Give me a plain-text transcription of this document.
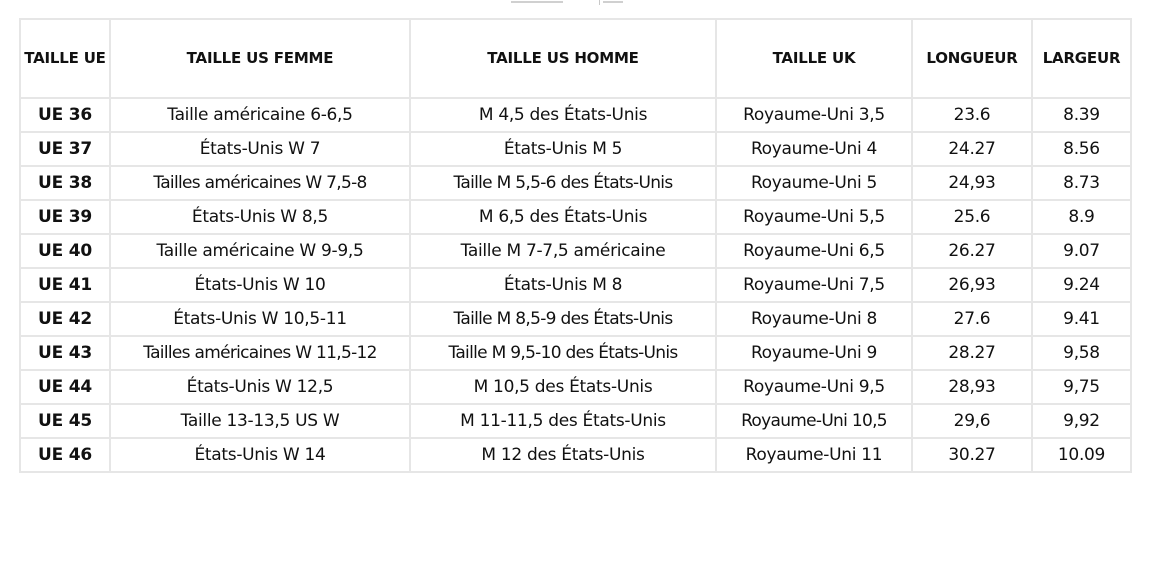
TAILLE UE	TAILLE US FEMME	TAILLE US HOMME	TAILLE UK	LONGUEUR	LARGEUR
UE 36	Taille américaine 6-6,5	M 4,5 des États-Unis	Royaume-Uni 3,5	23.6	8.39
UE 37	États-Unis W 7	États-Unis M 5	Royaume-Uni 4	24.27	8.56
UE 38	Tailles américaines W 7,5-8	Taille M 5,5-6 des États-Unis	Royaume-Uni 5	24,93	8.73
UE 39	États-Unis W 8,5	M 6,5 des États-Unis	Royaume-Uni 5,5	25.6	8.9
UE 40	Taille américaine W 9-9,5	Taille M 7-7,5 américaine	Royaume-Uni 6,5	26.27	9.07
UE 41	États-Unis W 10	États-Unis M 8	Royaume-Uni 7,5	26,93	9.24
UE 42	États-Unis W 10,5-11	Taille M 8,5-9 des États-Unis	Royaume-Uni 8	27.6	9.41
UE 43	Tailles américaines W 11,5-12	Taille M 9,5-10 des États-Unis	Royaume-Uni 9	28.27	9,58
UE 44	États-Unis W 12,5	M 10,5 des États-Unis	Royaume-Uni 9,5	28,93	9,75
UE 45	Taille 13-13,5 US W	M 11-11,5 des États-Unis	Royaume-Uni 10,5	29,6	9,92
UE 46	États-Unis W 14	M 12 des États-Unis	Royaume-Uni 11	30.27	10.09
